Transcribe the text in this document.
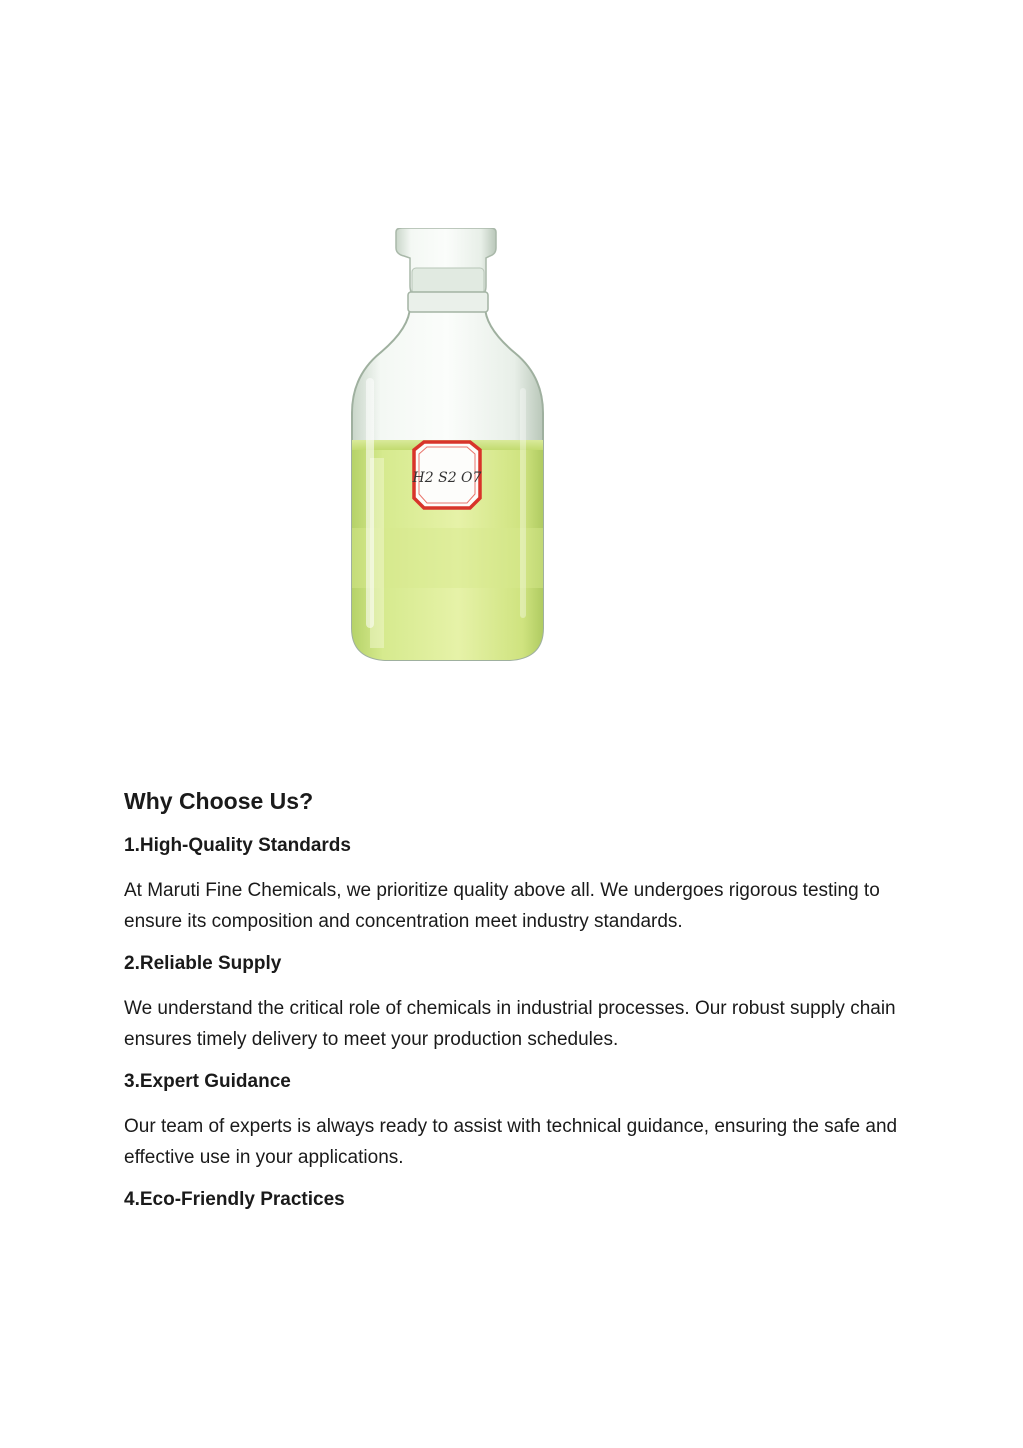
H2 S2 O7
Why Choose Us?
1.High-Quality Standards
At Maruti Fine Chemicals, we prioritize quality above all. We undergoes rigorous testing to ensure its composition and concentration meet industry standards.
2.Reliable Supply
We understand the critical role of chemicals in industrial processes. Our robust supply chain ensures timely delivery to meet your production schedules.
3.Expert Guidance
Our team of experts is always ready to assist with technical guidance, ensuring the safe and effective use in your applications.
4.Eco-Friendly Practices
